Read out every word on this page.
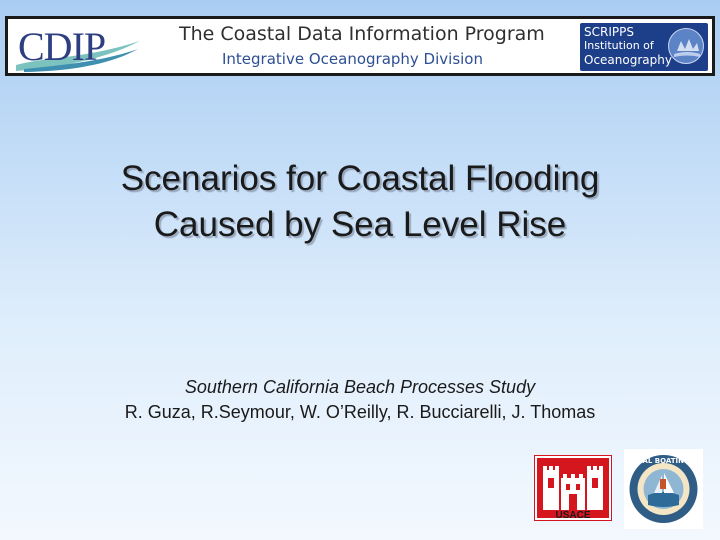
CDIP	The Coastal Data Information Program
Integrative Oceanography Division
SCRIPPS
Institution of
Oceanography
Scenarios for Coastal Flooding
Caused by Sea Level Rise
Southern California Beach Processes Study
R. Guza, R.Seymour, W. O’Reilly, R. Bucciarelli, J. Thomas
USACE
CAL BOATING
